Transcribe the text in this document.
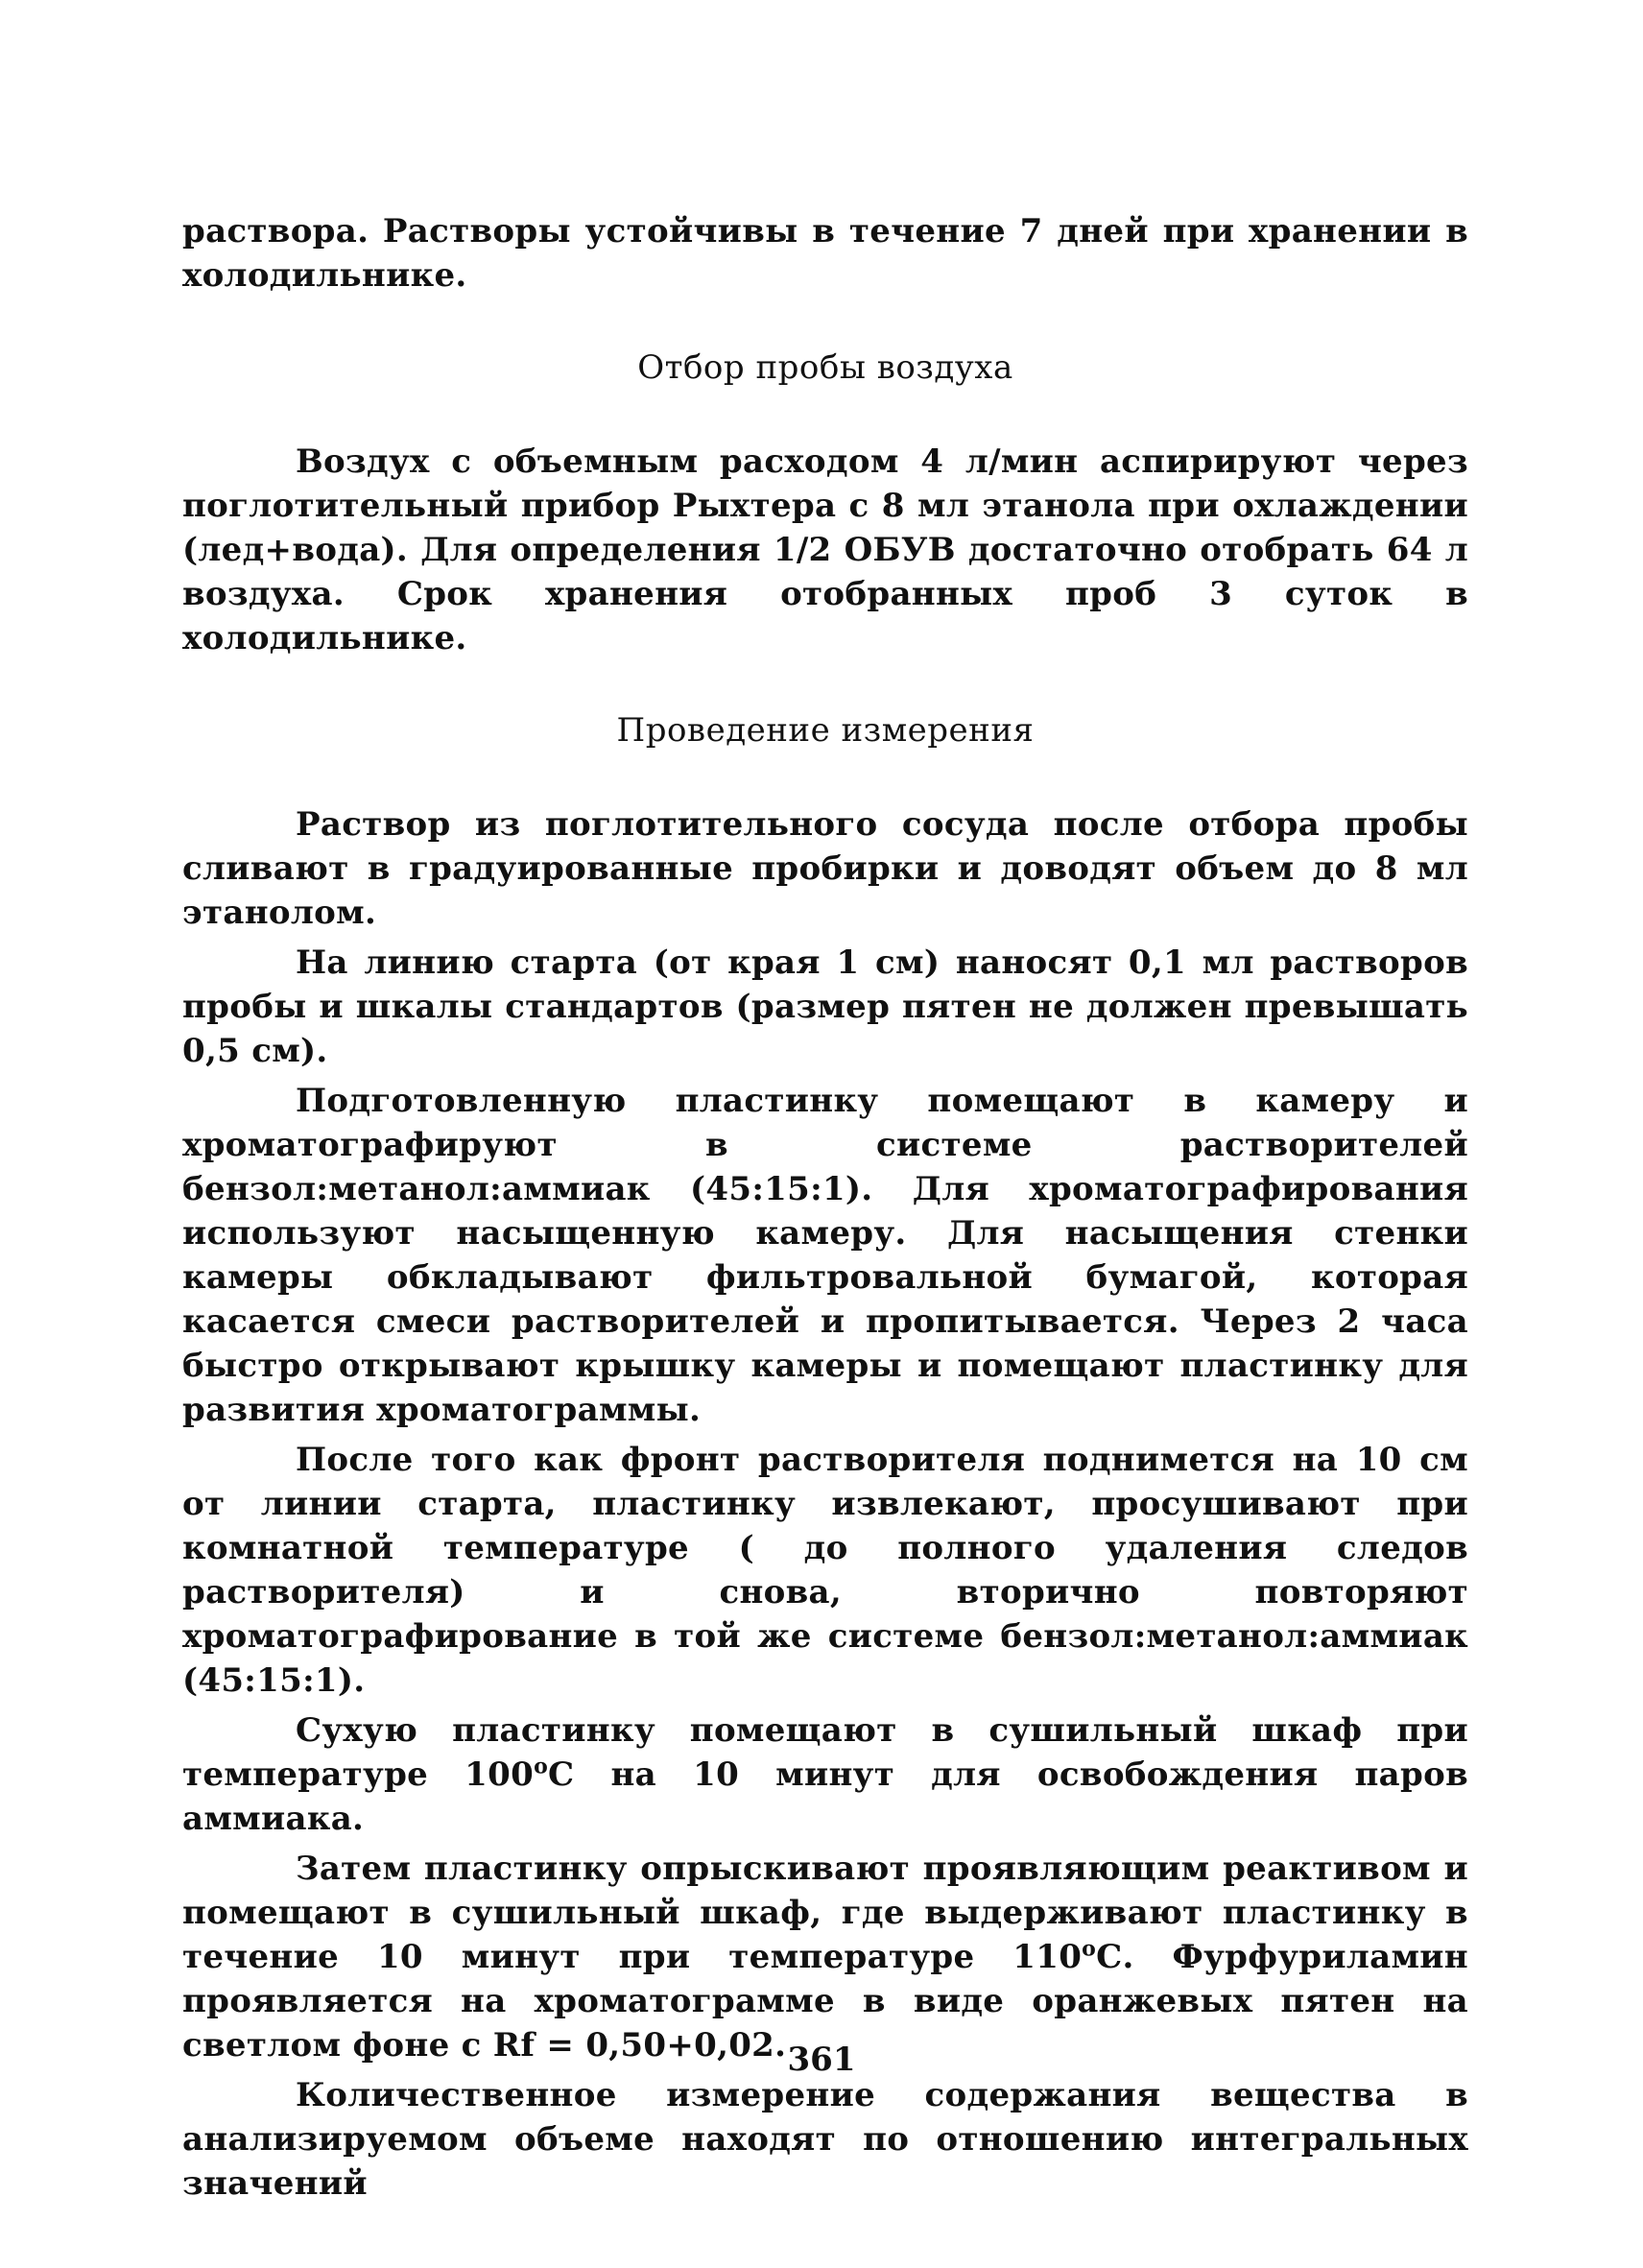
раствора. Растворы устойчивы в течение 7 дней при хранении в холодильнике.

Отбор пробы воздуха

Воздух с объемным расходом 4 л/мин аспирируют через поглотительный прибор Рыхтера с 8 мл этанола при охлаждении (лед+вода). Для определения 1/2 ОБУВ достаточно отобрать 64 л воздуха. Срок хранения отобранных проб 3 суток в холодильнике.

Проведение измерения

Раствор из поглотительного сосуда после отбора пробы сливают в градуированные пробирки и доводят объем до 8 мл этанолом.

На линию старта (от края 1 см) наносят 0,1 мл растворов пробы и шкалы стандартов (размер пятен не должен превышать 0,5 см).

Подготовленную пластинку помещают в камеру и хроматографируют в системе растворителей бензол:метанол:аммиак (45:15:1). Для хроматографирования используют насыщенную камеру. Для насыщения стенки камеры обкладывают фильтровальной бумагой, которая касается смеси растворителей и пропитывается. Через 2 часа быстро открывают крышку камеры и помещают пластинку для развития хроматограммы.

После того как фронт растворителя поднимется на 10 см от линии старта, пластинку извлекают, просушивают при комнатной температуре ( до полного удаления следов растворителя) и снова, вторично повторяют хроматографирование в той же системе бензол:метанол:аммиак (45:15:1).

Сухую пластинку помещают в сушильный шкаф при температуре $100^оС$ на 10 минут для освобождения паров аммиака.

Затем пластинку опрыскивают проявляющим реактивом и помещают в сушильный шкаф, где выдерживают пластинку в течение 10 минут при температуре $110^оС$. Фурфуриламин проявляется на хроматограмме в виде оранжевых пятен на светлом фоне с Rf = 0,50+0,02.

Количественное измерение содержания вещества в анализируемом объеме находят по отношению интегральных значений

361
